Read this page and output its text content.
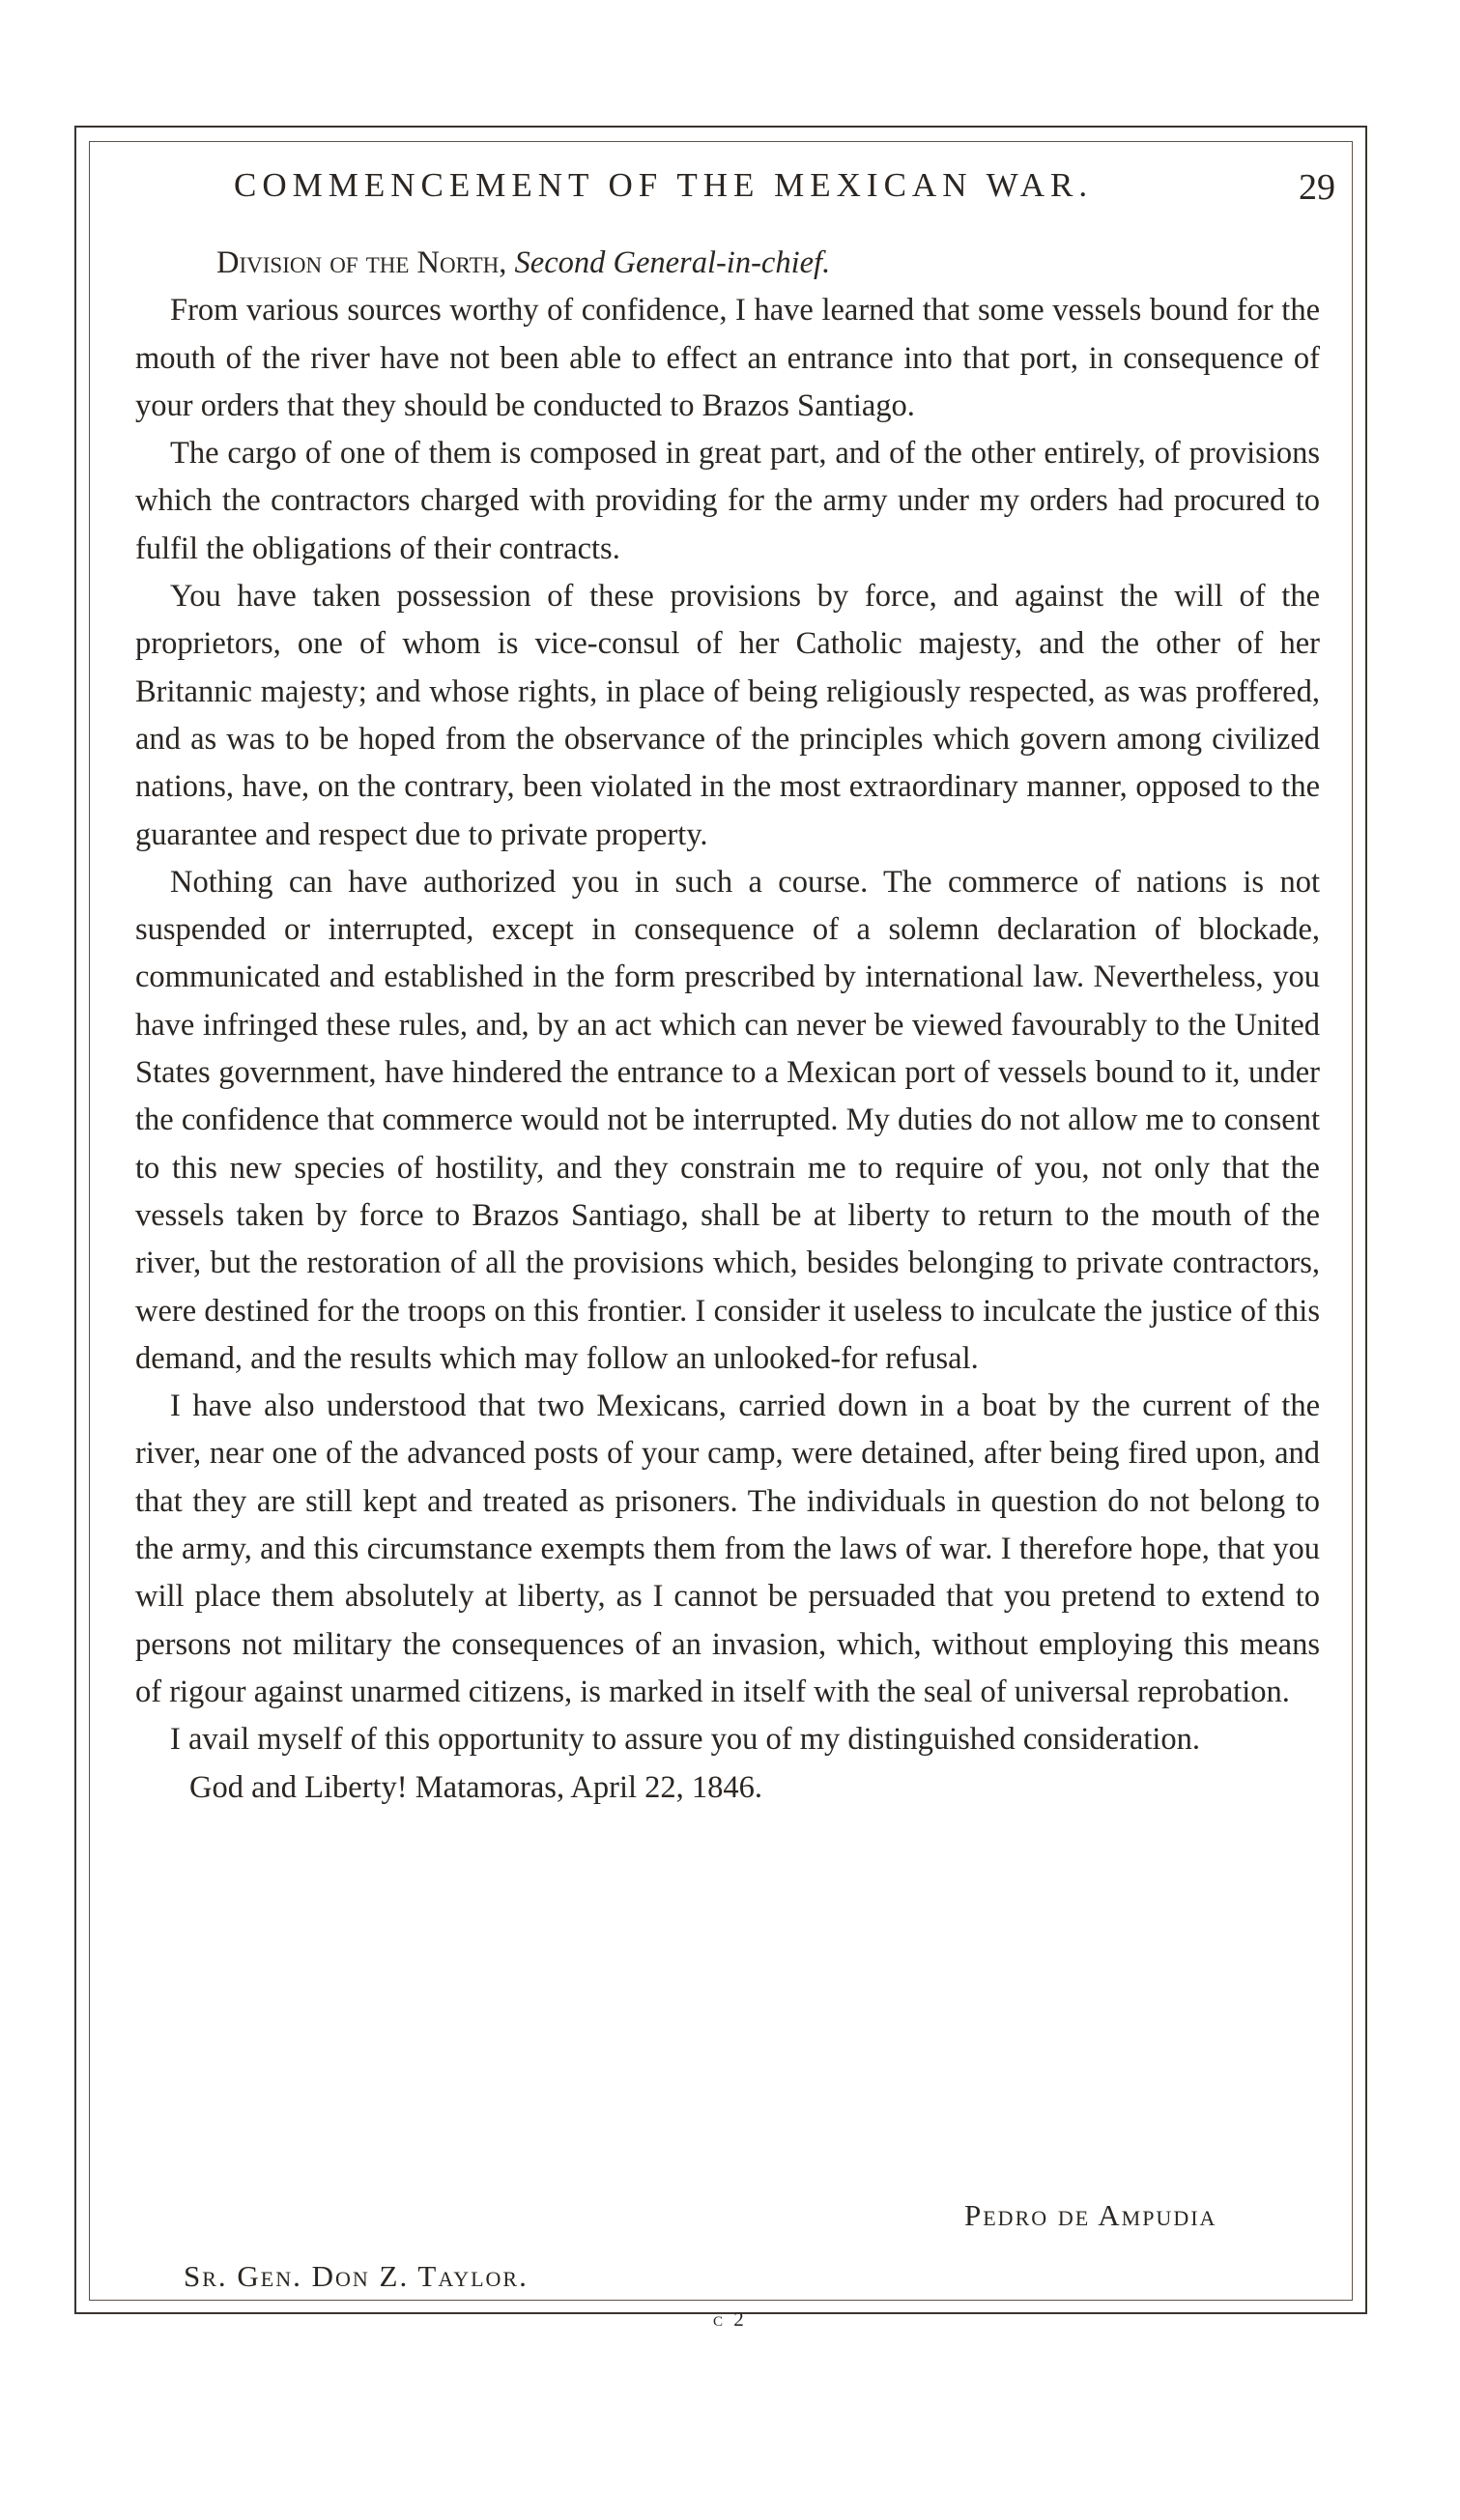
COMMENCEMENT OF THE MEXICAN WAR.	29

Division of the North, Second General-in-chief.

From various sources worthy of confidence, I have learned that some vessels bound for the mouth of the river have not been able to effect an entrance into that port, in consequence of your orders that they should be conducted to Brazos Santiago.

The cargo of one of them is composed in great part, and of the other entirely, of provisions which the contractors charged with providing for the army under my orders had procured to fulfil the obligations of their contracts.

You have taken possession of these provisions by force, and against the will of the proprietors, one of whom is vice-consul of her Catholic majesty, and the other of her Britannic majesty; and whose rights, in place of being religiously respected, as was proffered, and as was to be hoped from the observance of the principles which govern among civilized nations, have, on the contrary, been violated in the most extraordinary manner, opposed to the guarantee and respect due to private property.

Nothing can have authorized you in such a course. The commerce of nations is not suspended or interrupted, except in consequence of a solemn declaration of blockade, communicated and established in the form prescribed by international law. Nevertheless, you have infringed these rules, and, by an act which can never be viewed favourably to the United States government, have hindered the entrance to a Mexican port of vessels bound to it, under the confidence that commerce would not be interrupted. My duties do not allow me to consent to this new species of hostility, and they constrain me to require of you, not only that the vessels taken by force to Brazos Santiago, shall be at liberty to return to the mouth of the river, but the restoration of all the provisions which, besides belonging to private contractors, were destined for the troops on this frontier. I consider it useless to inculcate the justice of this demand, and the results which may follow an unlooked-for refusal.

I have also understood that two Mexicans, carried down in a boat by the current of the river, near one of the advanced posts of your camp, were detained, after being fired upon, and that they are still kept and treated as prisoners. The individuals in question do not belong to the army, and this circumstance exempts them from the laws of war. I therefore hope, that you will place them absolutely at liberty, as I cannot be persuaded that you pretend to extend to persons not military the consequences of an invasion, which, without employing this means of rigour against unarmed citizens, is marked in itself with the seal of universal reprobation.

I avail myself of this opportunity to assure you of my distinguished consideration.

God and Liberty! Matamoras, April 22, 1846.

Pedro de Ampudia
Sr. Gen. Don Z. Taylor.
c 2
